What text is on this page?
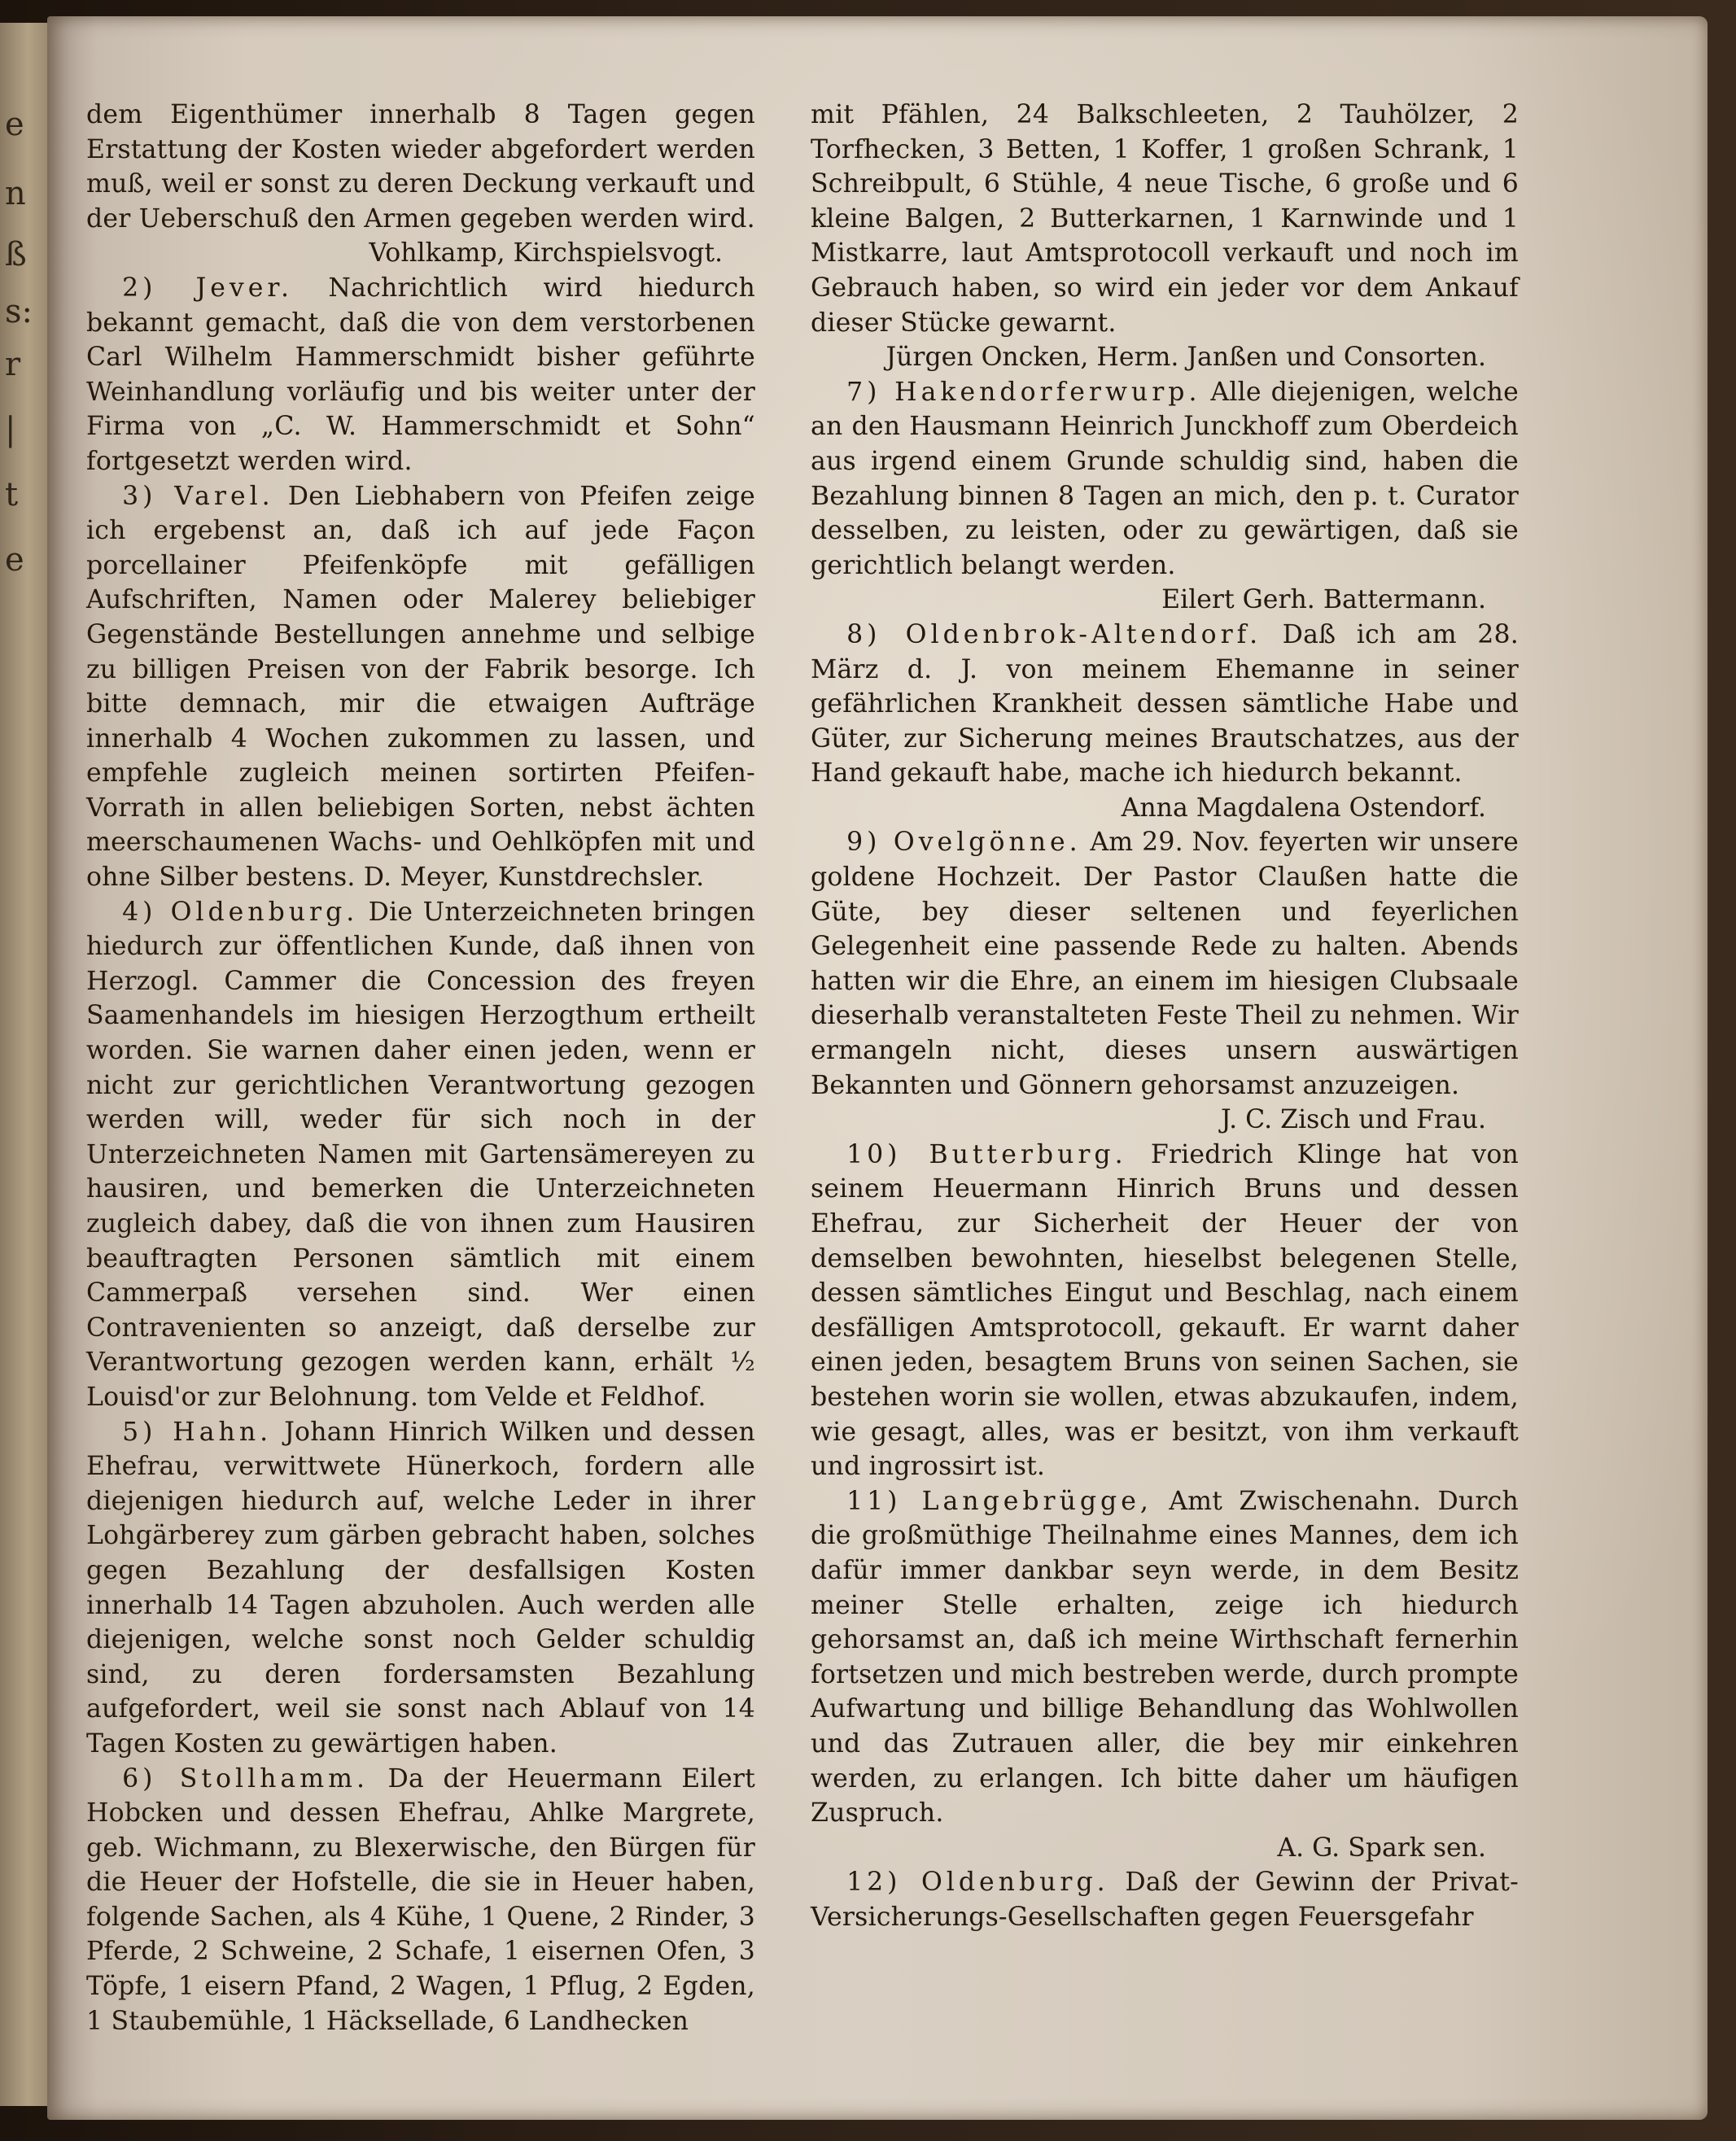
e
n
ß
s:
r
|
t
e

dem Eigenthümer innerhalb 8 Tagen gegen Erstattung der Kosten wieder abgefordert werden muß, weil er sonst zu deren Deckung verkauft und der Ueberschuß den Armen gegeben werden wird.

Vohlkamp, Kirchspielsvogt.

2) Jever. Nachrichtlich wird hiedurch bekannt gemacht, daß die von dem verstorbenen Carl Wilhelm Hammerschmidt bisher geführte Weinhandlung vorläufig und bis weiter unter der Firma von „C. W. Hammerschmidt et Sohn“ fortgesetzt werden wird.

3) Varel. Den Liebhabern von Pfeifen zeige ich ergebenst an, daß ich auf jede Façon porcellainer Pfeifenköpfe mit gefälligen Aufschriften, Namen oder Malerey beliebiger Gegenstände Bestellungen annehme und selbige zu billigen Preisen von der Fabrik besorge. Ich bitte demnach, mir die etwaigen Aufträge innerhalb 4 Wochen zukommen zu lassen, und empfehle zugleich meinen sortirten Pfeifen-Vorrath in allen beliebigen Sorten, nebst ächten meerschaumenen Wachs- und Oehlköpfen mit und ohne Silber bestens. D. Meyer, Kunstdrechsler.

4) Oldenburg. Die Unterzeichneten bringen hiedurch zur öffentlichen Kunde, daß ihnen von Herzogl. Cammer die Concession des freyen Saamenhandels im hiesigen Herzogthum ertheilt worden. Sie warnen daher einen jeden, wenn er nicht zur gerichtlichen Verantwortung gezogen werden will, weder für sich noch in der Unterzeichneten Namen mit Gartensämereyen zu hausiren, und bemerken die Unterzeichneten zugleich dabey, daß die von ihnen zum Hausiren beauftragten Personen sämtlich mit einem Cammerpaß versehen sind. Wer einen Contravenienten so anzeigt, daß derselbe zur Verantwortung gezogen werden kann, erhält ½ Louisd'or zur Belohnung. tom Velde et Feldhof.

5) Hahn. Johann Hinrich Wilken und dessen Ehefrau, verwittwete Hünerkoch, fordern alle diejenigen hiedurch auf, welche Leder in ihrer Lohgärberey zum gärben gebracht haben, solches gegen Bezahlung der desfallsigen Kosten innerhalb 14 Tagen abzuholen. Auch werden alle diejenigen, welche sonst noch Gelder schuldig sind, zu deren fordersamsten Bezahlung aufgefordert, weil sie sonst nach Ablauf von 14 Tagen Kosten zu gewärtigen haben.

6) Stollhamm. Da der Heuermann Eilert Hobcken und dessen Ehefrau, Ahlke Margrete, geb. Wichmann, zu Blexerwische, den Bürgen für die Heuer der Hofstelle, die sie in Heuer haben, folgende Sachen, als 4 Kühe, 1 Quene, 2 Rinder, 3 Pferde, 2 Schweine, 2 Schafe, 1 eisernen Ofen, 3 Töpfe, 1 eisern Pfand, 2 Wagen, 1 Pflug, 2 Egden, 1 Staubemühle, 1 Häcksellade, 6 Landhecken

mit Pfählen, 24 Balkschleeten, 2 Tauhölzer, 2 Torfhecken, 3 Betten, 1 Koffer, 1 großen Schrank, 1 Schreibpult, 6 Stühle, 4 neue Tische, 6 große und 6 kleine Balgen, 2 Butterkarnen, 1 Karnwinde und 1 Mistkarre, laut Amtsprotocoll verkauft und noch im Gebrauch haben, so wird ein jeder vor dem Ankauf dieser Stücke gewarnt.

Jürgen Oncken, Herm. Janßen und Consorten.

7) Hakendorferwurp. Alle diejenigen, welche an den Hausmann Heinrich Junckhoff zum Oberdeich aus irgend einem Grunde schuldig sind, haben die Bezahlung binnen 8 Tagen an mich, den p. t. Curator desselben, zu leisten, oder zu gewärtigen, daß sie gerichtlich belangt werden.

Eilert Gerh. Battermann.

8) Oldenbrok-Altendorf. Daß ich am 28. März d. J. von meinem Ehemanne in seiner gefährlichen Krankheit dessen sämtliche Habe und Güter, zur Sicherung meines Brautschatzes, aus der Hand gekauft habe, mache ich hiedurch bekannt.

Anna Magdalena Ostendorf.

9) Ovelgönne. Am 29. Nov. feyerten wir unsere goldene Hochzeit. Der Pastor Claußen hatte die Güte, bey dieser seltenen und feyerlichen Gelegenheit eine passende Rede zu halten. Abends hatten wir die Ehre, an einem im hiesigen Clubsaale dieserhalb veranstalteten Feste Theil zu nehmen. Wir ermangeln nicht, dieses unsern auswärtigen Bekannten und Gönnern gehorsamst anzuzeigen.

J. C. Zisch und Frau.

10) Butterburg. Friedrich Klinge hat von seinem Heuermann Hinrich Bruns und dessen Ehefrau, zur Sicherheit der Heuer der von demselben bewohnten, hieselbst belegenen Stelle, dessen sämtliches Eingut und Beschlag, nach einem desfälligen Amtsprotocoll, gekauft. Er warnt daher einen jeden, besagtem Bruns von seinen Sachen, sie bestehen worin sie wollen, etwas abzukaufen, indem, wie gesagt, alles, was er besitzt, von ihm verkauft und ingrossirt ist.

11) Langebrügge, Amt Zwischenahn. Durch die großmüthige Theilnahme eines Mannes, dem ich dafür immer dankbar seyn werde, in dem Besitz meiner Stelle erhalten, zeige ich hiedurch gehorsamst an, daß ich meine Wirthschaft fernerhin fortsetzen und mich bestreben werde, durch prompte Aufwartung und billige Behandlung das Wohlwollen und das Zutrauen aller, die bey mir einkehren werden, zu erlangen. Ich bitte daher um häufigen Zuspruch.

A. G. Spark sen.

12) Oldenburg. Daß der Gewinn der Privat-Versicherungs-Gesellschaften gegen Feuersgefahr
